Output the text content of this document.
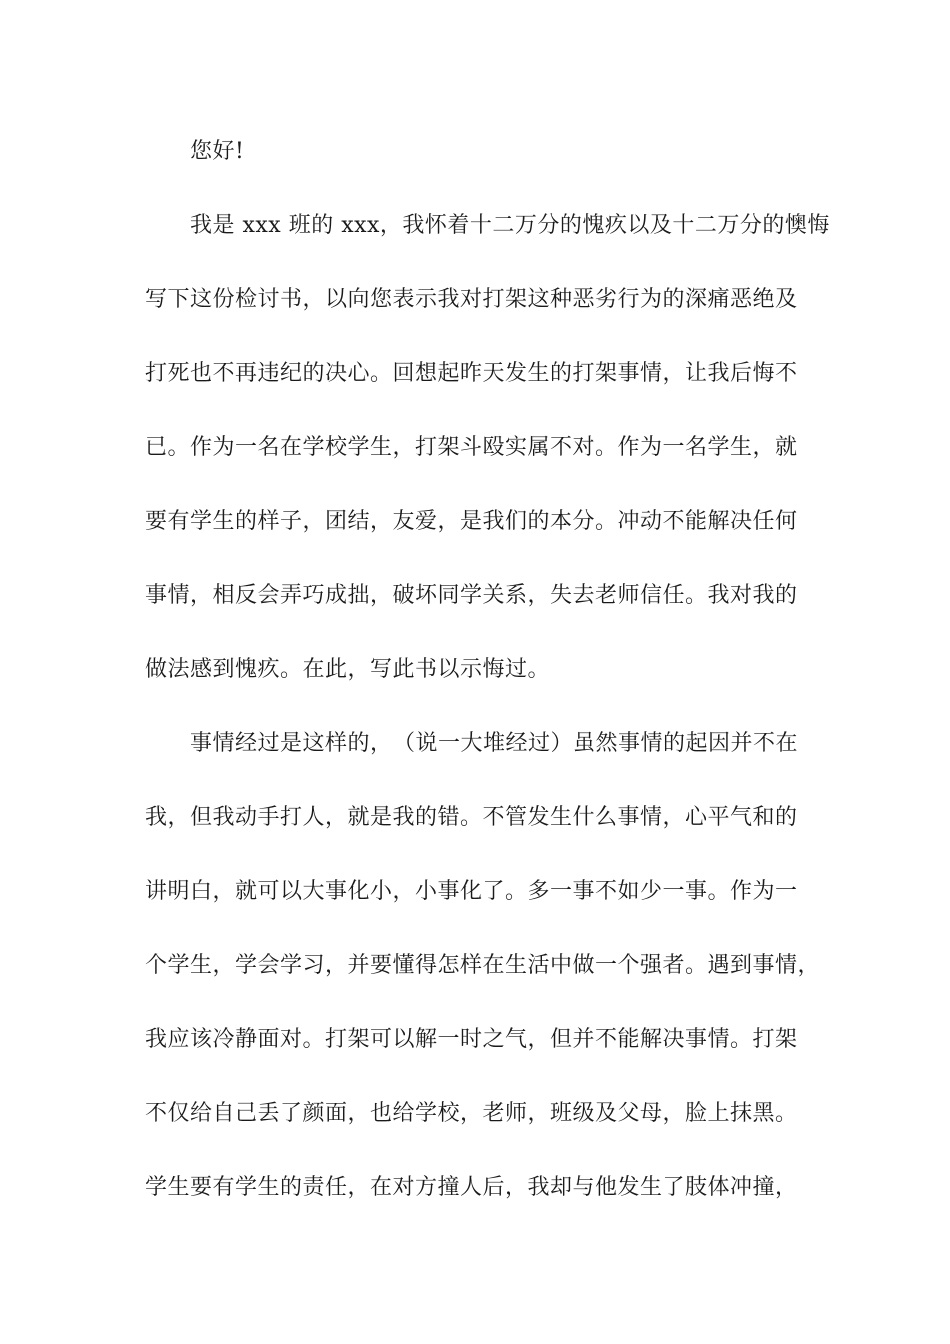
您好!
我是 xxx 班的 xxx，我怀着十二万分的愧疚以及十二万分的懊悔
写下这份检讨书，以向您表示我对打架这种恶劣行为的深痛恶绝及
打死也不再违纪的决心。回想起昨天发生的打架事情，让我后悔不
已。作为一名在学校学生，打架斗殴实属不对。作为一名学生，就
要有学生的样子，团结，友爱，是我们的本分。冲动不能解决任何
事情，相反会弄巧成拙，破坏同学关系，失去老师信任。我对我的
做法感到愧疚。在此，写此书以示悔过。
事情经过是这样的，　（说一大堆经过）虽然事情的起因并不在
我，但我动手打人，就是我的错。不管发生什么事情，心平气和的
讲明白，就可以大事化小，小事化了。多一事不如少一事。作为一
个学生，学会学习，并要懂得怎样在生活中做一个强者。遇到事情，
我应该冷静面对。打架可以解一时之气，但并不能解决事情。打架
不仅给自己丢了颜面，也给学校，老师，班级及父母，脸上抹黑。
学生要有学生的责任，在对方撞人后，我却与他发生了肢体冲撞，
